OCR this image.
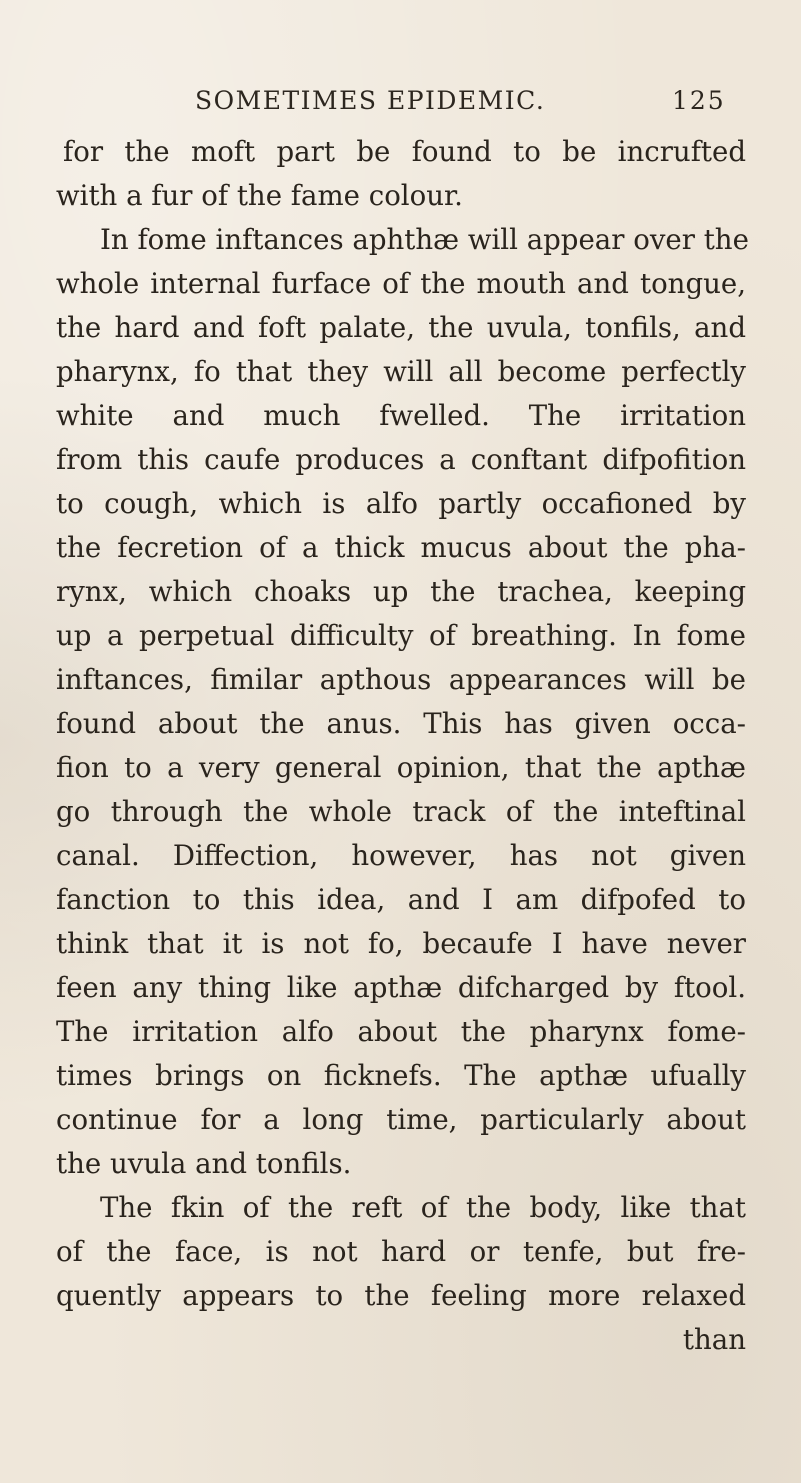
SOMETIMES EPIDEMIC.	125
for the moft part be found to be incrufted
with a fur of the fame colour.
In fome inftances aphthæ will appear over the
whole internal furface of the mouth and tongue,
the hard and foft palate, the uvula, tonfils, and
pharynx, fo that they will all become perfectly
white and much fwelled. The irritation
from this caufe produces a conftant difpofition
to cough, which is alfo partly occafioned by
the fecretion of a thick mucus about the pha-
rynx, which choaks up the trachea, keeping
up a perpetual difficulty of breathing. In fome
inftances, fimilar apthous appearances will be
found about the anus. This has given occa-
fion to a very general opinion, that the apthæ
go through the whole track of the inteftinal
canal. Diffection, however, has not given
fanction to this idea, and I am difpofed to
think that it is not fo, becaufe I have never
feen any thing like apthæ difcharged by ftool.
The irritation alfo about the pharynx fome-
times brings on ficknefs. The apthæ ufually
continue for a long time, particularly about
the uvula and tonfils.
The fkin of the reft of the body, like that
of the face, is not hard or tenfe, but fre-
quently appears to the feeling more relaxed
than
